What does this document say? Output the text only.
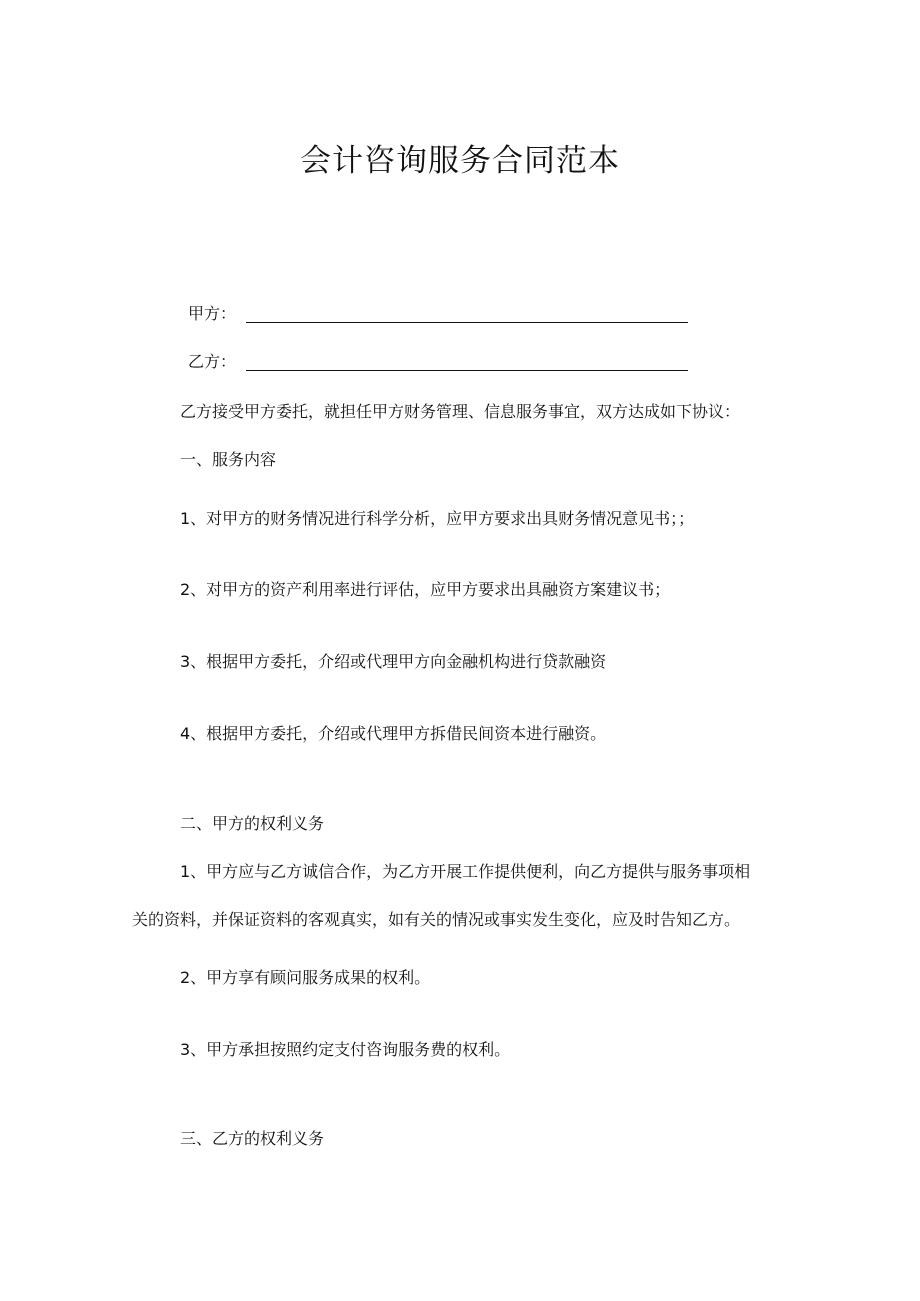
会计咨询服务合同范本
甲方：
乙方：
乙方接受甲方委托，就担任甲方财务管理、信息服务事宜，双方达成如下协议：
一、服务内容
1、对甲方的财务情况进行科学分析，应甲方要求出具财务情况意见书；；
2、对甲方的资产利用率进行评估，应甲方要求出具融资方案建议书；
3、根据甲方委托，介绍或代理甲方向金融机构进行贷款融资
4、根据甲方委托，介绍或代理甲方拆借民间资本进行融资。
二、甲方的权利义务
1、甲方应与乙方诚信合作，为乙方开展工作提供便利，向乙方提供与服务事项相
关的资料，并保证资料的客观真实，如有关的情况或事实发生变化，应及时告知乙方。
2、甲方享有顾问服务成果的权利。
3、甲方承担按照约定支付咨询服务费的权利。
三、乙方的权利义务
